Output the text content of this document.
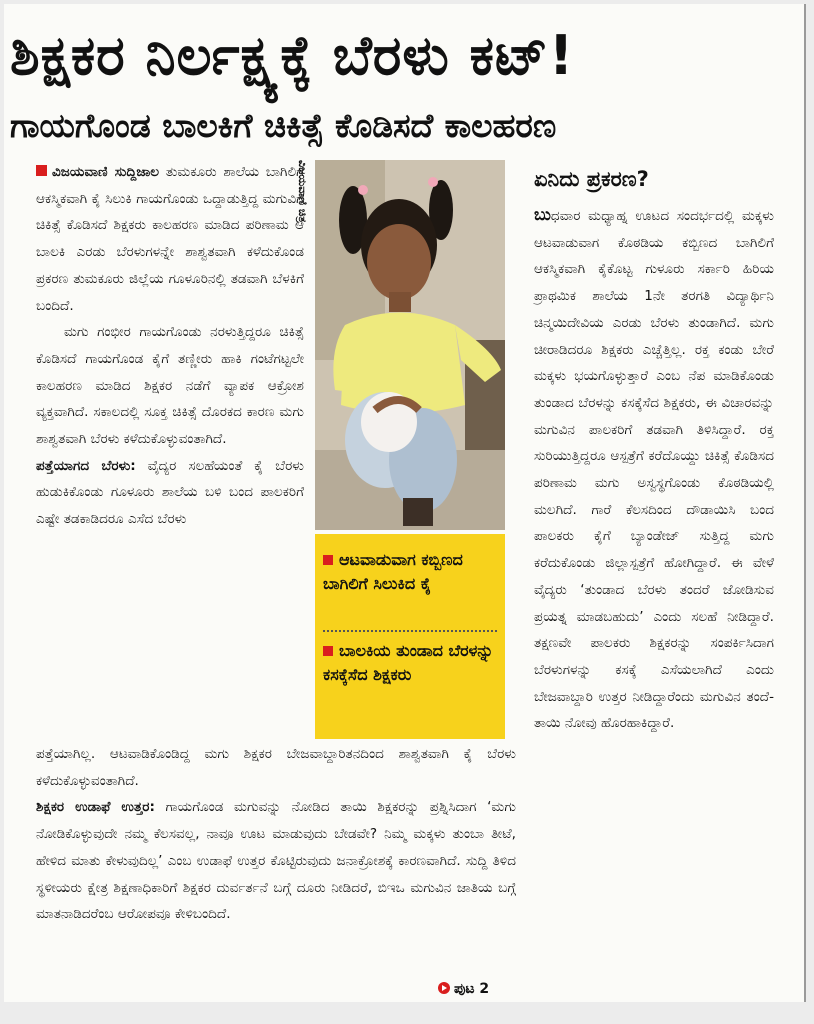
ಶಿಕ್ಷಕರ ನಿರ್ಲಕ್ಷ್ಯಕ್ಕೆ ಬೆರಳು ಕಟ್!
ಗಾಯಗೊಂಡ ಬಾಲಕಿಗೆ ಚಿಕಿತ್ಸೆ ಕೊಡಿಸದೆ ಕಾಲಹರಣ

ವಿಜಯವಾಣಿ ಸುದ್ದಿಜಾಲ ತುಮಕೂರು ಶಾಲೆಯ ಬಾಗಿಲಿಗೆ ಆಕಸ್ಮಿಕವಾಗಿ ಕೈ ಸಿಲುಕಿ ಗಾಯಗೊಂಡು ಒದ್ದಾಡುತ್ತಿದ್ದ ಮಗುವಿಗೆ ಚಿಕಿತ್ಸೆ ಕೊಡಿಸದೆ ಶಿಕ್ಷಕರು ಕಾಲಹರಣ ಮಾಡಿದ ಪರಿಣಾಮ ಆ ಬಾಲಕಿ ಎರಡು ಬೆರಳುಗಳನ್ನೇ ಶಾಶ್ವತವಾಗಿ ಕಳೆದುಕೊಂಡ ಪ್ರಕರಣ ತುಮಕೂರು ಜಿಲ್ಲೆಯ ಗೂಳೂರಿನಲ್ಲಿ ತಡವಾಗಿ ಬೆಳಕಿಗೆ ಬಂದಿದೆ.

ಮಗು ಗಂಭೀರ ಗಾಯಗೊಂಡು ನರಳುತ್ತಿದ್ದರೂ ಚಿಕಿತ್ಸೆ ಕೊಡಿಸದೆ ಗಾಯಗೊಂಡ ಕೈಗೆ ತಣ್ಣೀರು ಹಾಕಿ ಗಂಟೆಗಟ್ಟಲೇ ಕಾಲಹರಣ ಮಾಡಿದ ಶಿಕ್ಷಕರ ನಡೆಗೆ ವ್ಯಾಪಕ ಆಕ್ರೋಶ ವ್ಯಕ್ತವಾಗಿದೆ. ಸಕಾಲದಲ್ಲಿ ಸೂಕ್ತ ಚಿಕಿತ್ಸೆ ದೊರಕದ ಕಾರಣ ಮಗು ಶಾಶ್ವತವಾಗಿ ಬೆರಳು ಕಳೆದುಕೊಳ್ಳುವಂತಾಗಿದೆ.

ಪತ್ತೆಯಾಗದ ಬೆರಳು: ವೈದ್ಯರ ಸಲಹೆಯಂತೆ ಕೈ ಬೆರಳು ಹುಡುಕಿಕೊಂಡು ಗೂಳೂರು ಶಾಲೆಯ ಬಳಿ ಬಂದ ಪಾಲಕರಿಗೆ ಎಷ್ಟೇ ತಡಕಾಡಿದರೂ ಎಸೆದ ಬೆರಳು

ಪತ್ತೆಯಾಗಿಲ್ಲ. ಆಟವಾಡಿಕೊಂಡಿದ್ದ ಮಗು ಶಿಕ್ಷಕರ ಬೇಜವಾಬ್ದಾರಿತನದಿಂದ ಶಾಶ್ವತವಾಗಿ ಕೈ ಬೆರಳು ಕಳೆದುಕೊಳ್ಳುವಂತಾಗಿದೆ.

ಶಿಕ್ಷಕರ ಉಡಾಫೆ ಉತ್ತರ: ಗಾಯಗೊಂಡ ಮಗುವನ್ನು ನೋಡಿದ ತಾಯಿ ಶಿಕ್ಷಕರನ್ನು ಪ್ರಶ್ನಿಸಿದಾಗ ‘ಮಗು ನೋಡಿಕೊಳ್ಳುವುದೇ ನಮ್ಮ ಕೆಲಸವಲ್ಲ, ನಾವೂ ಊಟ ಮಾಡುವುದು ಬೇಡವೇ? ನಿಮ್ಮ ಮಕ್ಕಳು ತುಂಬಾ ತೀಟೆ, ಹೇಳಿದ ಮಾತು ಕೇಳುವುದಿಲ್ಲ’ ಎಂಬ ಉಡಾಫೆ ಉತ್ತರ ಕೊಟ್ಟಿರುವುದು ಜನಾಕ್ರೋಶಕ್ಕೆ ಕಾರಣವಾಗಿದೆ. ಸುದ್ದಿ ತಿಳಿದ ಸ್ಥಳೀಯರು ಕ್ಷೇತ್ರ ಶಿಕ್ಷಣಾಧಿಕಾರಿಗೆ ಶಿಕ್ಷಕರ ದುರ್ವರ್ತನೆ ಬಗ್ಗೆ ದೂರು ನೀಡಿದರೆ, ಬಿಇಒ ಮಗುವಿನ ಜಾತಿಯ ಬಗ್ಗೆ ಮಾತನಾಡಿದರೆಂಬ ಆರೋಪವೂ ಕೇಳಿಬಂದಿದೆ.

ವಿಜಯವಾಣಿ ಚಿತ್ರ
ಆಟವಾಡುವಾಗ ಕಬ್ಬಿಣದ ಬಾಗಿಲಿಗೆ ಸಿಲುಕಿದ ಕೈ
ಬಾಲಕಿಯ ತುಂಡಾದ ಬೆರಳನ್ನು ಕಸಕ್ಕೆಸೆದ ಶಿಕ್ಷಕರು
ಏನಿದು ಪ್ರಕರಣ?

ಬುಧವಾರ ಮಧ್ಯಾಹ್ನ ಊಟದ ಸಂದರ್ಭದಲ್ಲಿ ಮಕ್ಕಳು ಆಟವಾಡುವಾಗ ಕೊಠಡಿಯ ಕಬ್ಬಿಣದ ಬಾಗಿಲಿಗೆ ಆಕಸ್ಮಿಕವಾಗಿ ಕೈಕೊಟ್ಟ ಗುಳೂರು ಸರ್ಕಾರಿ ಹಿರಿಯ ಪ್ರಾಥಮಿಕ ಶಾಲೆಯ 1ನೇ ತರಗತಿ ವಿದ್ಯಾರ್ಥಿನಿ ಚಿನ್ಮಯಿದೇವಿಯ ಎರಡು ಬೆರಳು ತುಂಡಾಗಿದೆ. ಮಗು ಚೀರಾಡಿದರೂ ಶಿಕ್ಷಕರು ಎಚ್ಚೆತ್ತಿಲ್ಲ. ರಕ್ತ ಕಂಡು ಬೇರೆ ಮಕ್ಕಳು ಭಯಗೊಳ್ಳುತ್ತಾರೆ ಎಂಬ ನೆಪ ಮಾಡಿಕೊಂಡು ತುಂಡಾದ ಬೆರಳನ್ನು ಕಸಕ್ಕೆಸೆದ ಶಿಕ್ಷಕರು, ಈ ವಿಚಾರವನ್ನು ಮಗುವಿನ ಪಾಲಕರಿಗೆ ತಡವಾಗಿ ತಿಳಿಸಿದ್ದಾರೆ. ರಕ್ತ ಸುರಿಯುತ್ತಿದ್ದರೂ ಆಸ್ಪತ್ರೆಗೆ ಕರೆದೊಯ್ದು ಚಿಕಿತ್ಸೆ ಕೊಡಿಸದ ಪರಿಣಾಮ ಮಗು ಅಸ್ವಸ್ಥಗೊಂಡು ಕೊಠಡಿಯಲ್ಲಿ ಮಲಗಿದೆ. ಗಾರೆ ಕೆಲಸದಿಂದ ದೌಡಾಯಿಸಿ ಬಂದ ಪಾಲಕರು ಕೈಗೆ ಬ್ಯಾಂಡೇಜ್ ಸುತ್ತಿದ್ದ ಮಗು ಕರೆದುಕೊಂಡು ಜಿಲ್ಲಾಸ್ಪತ್ರೆಗೆ ಹೋಗಿದ್ದಾರೆ. ಈ ವೇಳೆ ವೈದ್ಯರು ‘ತುಂಡಾದ ಬೆರಳು ತಂದರೆ ಜೋಡಿಸುವ ಪ್ರಯತ್ನ ಮಾಡಬಹುದು’ ಎಂದು ಸಲಹೆ ನೀಡಿದ್ದಾರೆ. ತಕ್ಷಣವೇ ಪಾಲಕರು ಶಿಕ್ಷಕರನ್ನು ಸಂಪರ್ಕಿಸಿದಾಗ ಬೆರಳುಗಳನ್ನು ಕಸಕ್ಕೆ ಎಸೆಯಲಾಗಿದೆ ಎಂದು ಬೇಜವಾಬ್ದಾರಿ ಉತ್ತರ ನೀಡಿದ್ದಾರೆಂದು ಮಗುವಿನ ತಂದೆ-ತಾಯಿ ನೋವು ಹೊರಹಾಕಿದ್ದಾರೆ.

ಪುಟ 2
